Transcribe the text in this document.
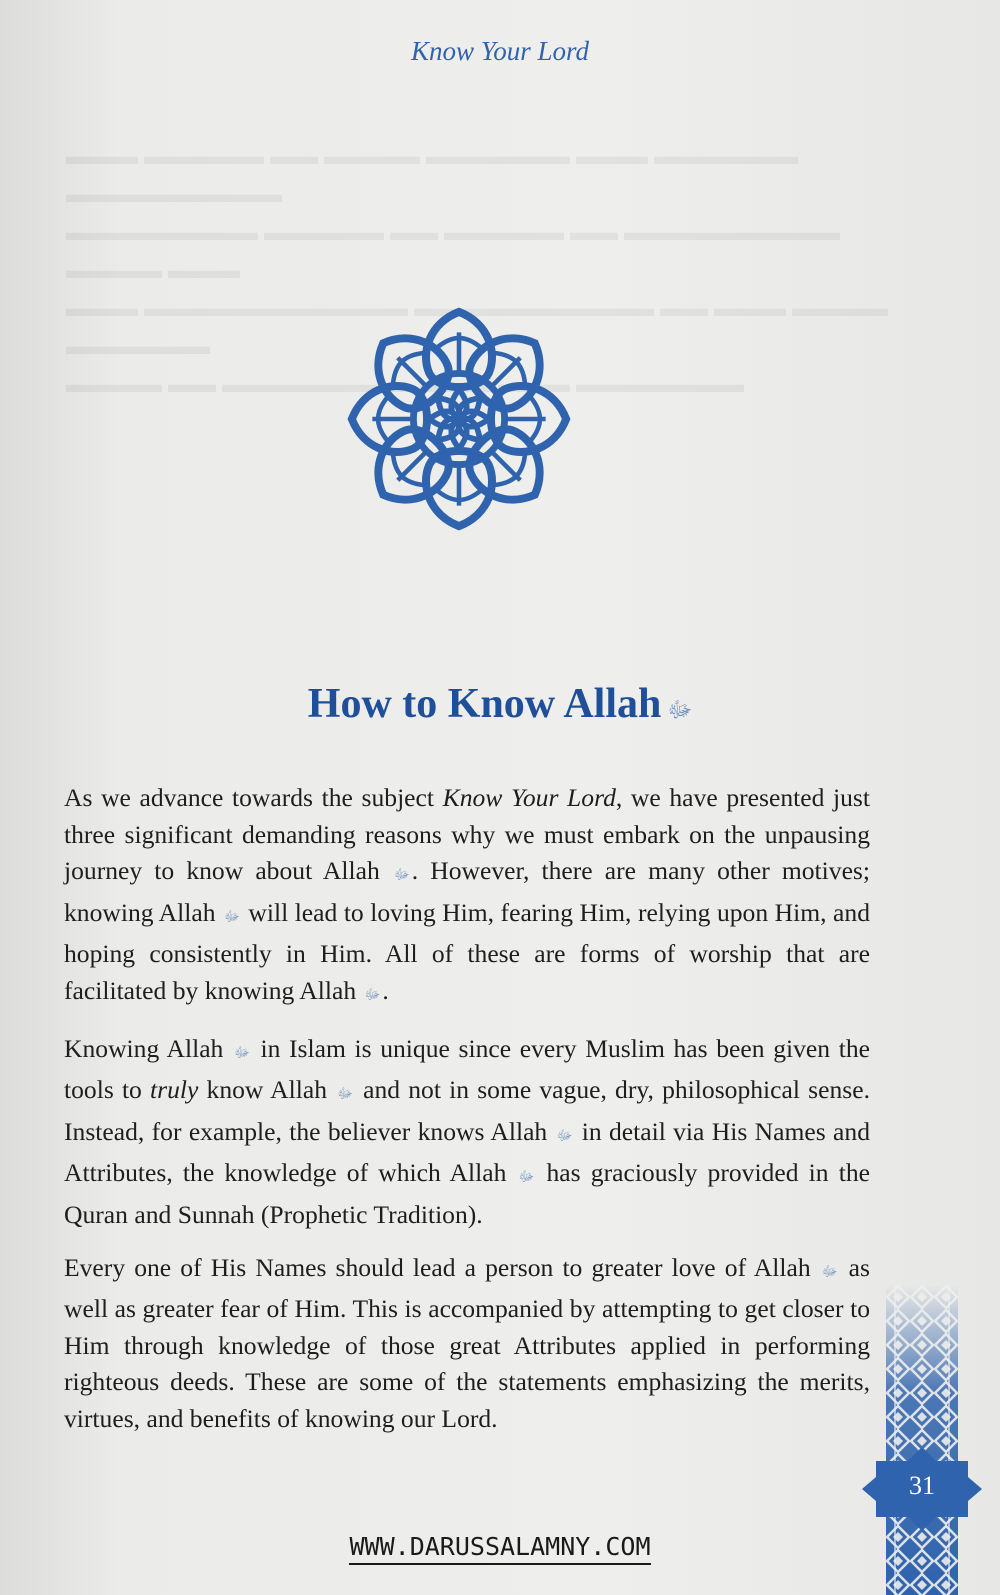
Know Your Lord
▬▬▬ ▬▬▬▬▬ ▬▬ ▬▬▬▬ ▬▬▬▬▬▬ ▬▬▬ ▬▬▬▬▬▬ ▬▬▬▬▬▬▬▬▬
▬▬▬▬▬▬▬▬ ▬▬▬▬▬ ▬▬ ▬▬▬▬▬ ▬▬ ▬▬▬▬▬▬▬▬▬ ▬▬▬▬ ▬▬▬
▬▬▬ ▬▬▬▬▬▬▬▬▬▬▬ ▬▬▬▬▬▬▬▬▬▬ ▬▬ ▬▬▬ ▬▬▬▬ ▬▬▬▬▬▬
▬▬▬▬ ▬▬ ▬▬▬▬▬▬▬▬ ▬▬▬ ▬▬▬ ▬▬▬▬▬▬▬
How to Know Allah ﷻ

As we advance towards the subject Know Your Lord, we have presented just three significant demanding reasons why we must embark on the unpausing journey to know about Allah ﷻ. However, there are many other motives; knowing Allah ﷻ will lead to loving Him, fearing Him, relying upon Him, and hoping consistently in Him. All of these are forms of worship that are facilitated by knowing Allah ﷻ.

Knowing Allah ﷻ in Islam is unique since every Muslim has been given the tools to truly know Allah ﷻ and not in some vague, dry, philosophical sense. Instead, for example, the believer knows Allah ﷻ in detail via His Names and Attributes, the knowledge of which Allah ﷻ has graciously provided in the Quran and Sunnah (Prophetic Tradition).

Every one of His Names should lead a person to greater love of Allah ﷻ as well as greater fear of Him. This is accompanied by attempting to get closer to Him through knowledge of those great Attributes applied in performing righteous deeds. These are some of the statements emphasizing the merits, virtues, and benefits of knowing our Lord.

31
WWW.DARUSSALAMNY.COM
